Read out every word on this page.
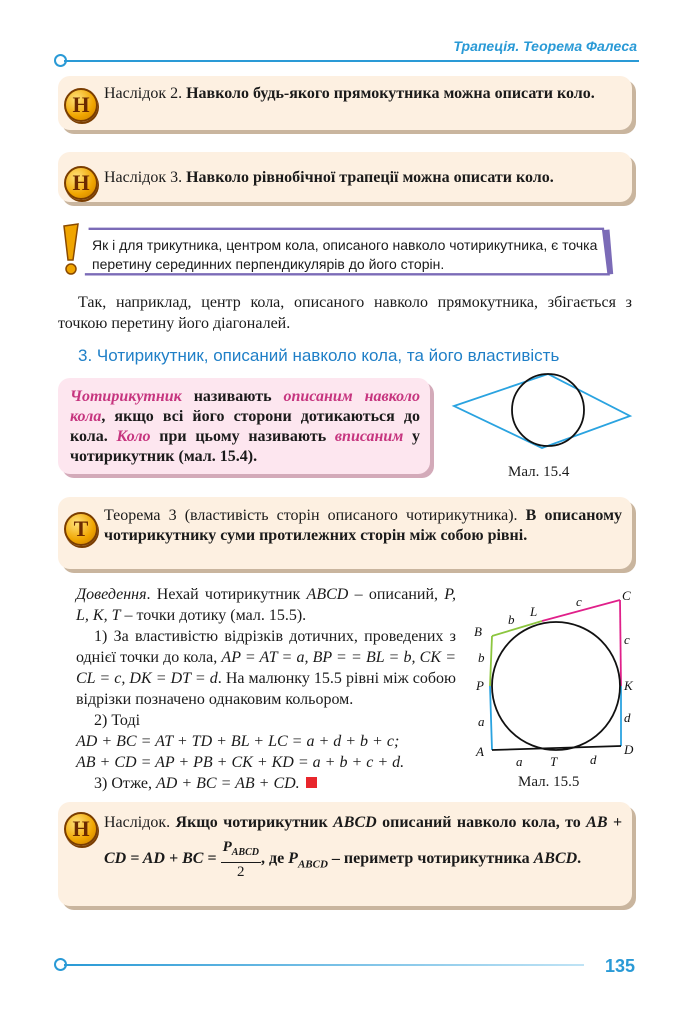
Трапеція. Теорема Фалеса
Н Наслідок 2. Навколо будь-якого прямокутника можна описати коло.
Н Наслідок 3. Навколо рівнобічної трапеції можна описати коло.
Як і для трикутника, центром кола, описаного навколо чотирикутника, є точка перетину серединних перпендикулярів до його сторін.
Так, наприклад, центр кола, описаного навколо прямокутника, збігається з точкою перетину його діагоналей.
3. Чотирикутник, описаний навколо кола, та його властивість
Чотирикутник називають описаним навколо кола, якщо всі його сторони дотикаються до кола. Коло при цьому називають вписаним у чотирикутник (мал. 15.4).
Мал. 15.4
Т
Теорема 3 (властивість сторін описаного чотирикутника). В описаному чотирикутнику суми протилежних сторін між собою рівні.
Доведення. Нехай чотирикутник ABCD – описаний, P, L, K, T – точки дотику (мал. 15.5).
1) За властивістю відрізків дотичних, проведених з однієї точки до кола, AP = AT = a, BP = = BL = b, CK = CL = c, DK = DT = d. На малюнку 15.5 рівні між собою відрізки позначено однаковим кольором.
2) Тоді
AD + BC = AT + TD + BL + LC = a + d + b + c;
AB + CD = AP + PB + CK + KD = a + b + c + d.
3) Отже, AD + BC = AB + CD.
A
B
C
D
P
L
K
T
a
a
b
b
c
c
d
d
Мал. 15.5
Н Наслідок. Якщо чотирикутник ABCD описаний навколо кола, то AB + CD = AD + BC = $\frac{P_{ABCD}}{2}$ , де $P_{ABCD}$ – периметр чотирикутника ABCD.
135
